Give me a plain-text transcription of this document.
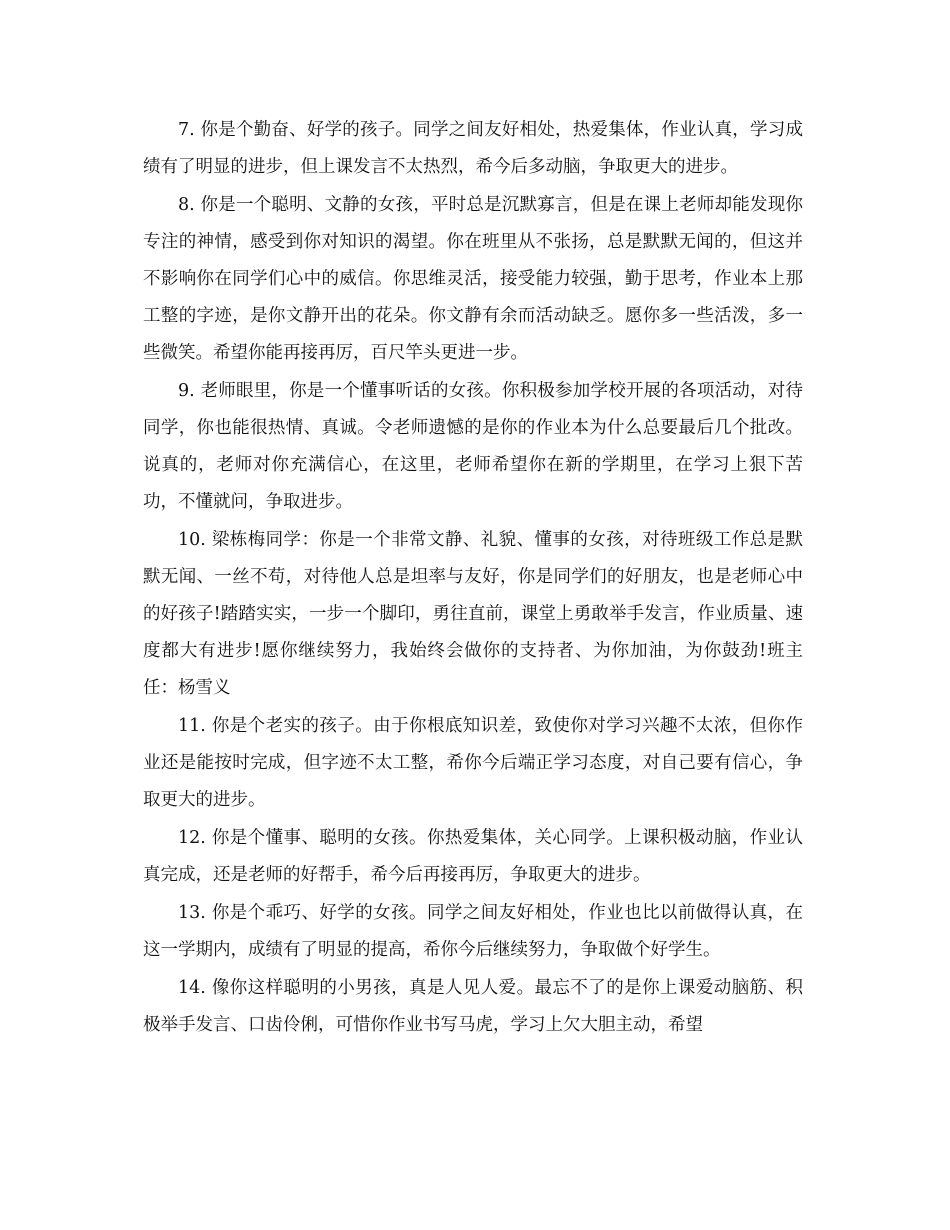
7. 你是个勤奋、好学的孩子。同学之间友好相处，热爱集体，作业认真，学习成绩有了明显的进步，但上课发言不太热烈，希今后多动脑，争取更大的进步。

8. 你是一个聪明、文静的女孩，平时总是沉默寡言，但是在课上老师却能发现你专注的神情，感受到你对知识的渴望。你在班里从不张扬，总是默默无闻的，但这并不影响你在同学们心中的威信。你思维灵活，接受能力较强，勤于思考，作业本上那工整的字迹，是你文静开出的花朵。你文静有余而活动缺乏。愿你多一些活泼，多一些微笑。希望你能再接再厉，百尺竿头更进一步。

9. 老师眼里，你是一个懂事听话的女孩。你积极参加学校开展的各项活动，对待同学，你也能很热情、真诚。令老师遗憾的是你的作业本为什么总要最后几个批改。说真的，老师对你充满信心，在这里，老师希望你在新的学期里，在学习上狠下苦功，不懂就问，争取进步。

10. 梁栋梅同学：你是一个非常文静、礼貌、懂事的女孩，对待班级工作总是默默无闻、一丝不苟，对待他人总是坦率与友好，你是同学们的好朋友，也是老师心中的好孩子!踏踏实实，一步一个脚印，勇往直前，课堂上勇敢举手发言，作业质量、速度都大有进步!愿你继续努力，我始终会做你的支持者、为你加油，为你鼓劲!班主任：杨雪义

11. 你是个老实的孩子。由于你根底知识差，致使你对学习兴趣不太浓，但你作业还是能按时完成，但字迹不太工整，希你今后端正学习态度，对自己要有信心，争取更大的进步。

12. 你是个懂事、聪明的女孩。你热爱集体，关心同学。上课积极动脑，作业认真完成，还是老师的好帮手，希今后再接再厉，争取更大的进步。

13. 你是个乖巧、好学的女孩。同学之间友好相处，作业也比以前做得认真，在这一学期内，成绩有了明显的提高，希你今后继续努力，争取做个好学生。

14. 像你这样聪明的小男孩，真是人见人爱。最忘不了的是你上课爱动脑筋、积极举手发言、口齿伶俐，可惜你作业书写马虎，学习上欠大胆主动，希望
